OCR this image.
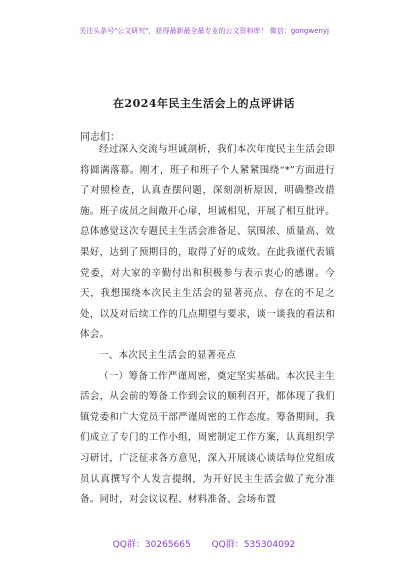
关注头条号"公文研究"，获得最新最全最专业的公文资料库！ 微信：gongwenyj
在2024年民主生活会上的点评讲话
同志们：

经过深入交流与坦诚剖析，我们本次年度民主生活会即将圆满落幕。刚才，班子和班子个人紧紧围绕“*”方面进行了对照检查，认真查摆问题，深刻剖析原因，明确整改措施。班子成员之间敞开心扉，坦诚相见，开展了相互批评。总体感觉这次专题民主生活会准备足、氛围浓、质量高、效果好，达到了预期目的，取得了好的成效。在此我谨代表镇党委，对大家的辛勤付出和积极参与表示衷心的感谢。今天，我想围绕本次民主生活会的显著亮点、存在的不足之处，以及对后续工作的几点期望与要求，谈一谈我的看法和体会。

一、本次民主生活会的显著亮点

（一）筹备工作严谨周密，奠定坚实基础。本次民主生活会，从会前的筹备工作到会议的顺利召开，都体现了我们镇党委和广大党员干部严谨周密的工作态度。筹备期间，我们成立了专门的工作小组，周密制定工作方案，认真组织学习研讨，广泛征求各方意见，深入开展谈心谈话每位党组成员认真撰写个人发言提纲，为开好民主生活会做了充分准备。同时，对会议议程、材料准备、会场布置

QQ群：30265665 QQ群：535304092
